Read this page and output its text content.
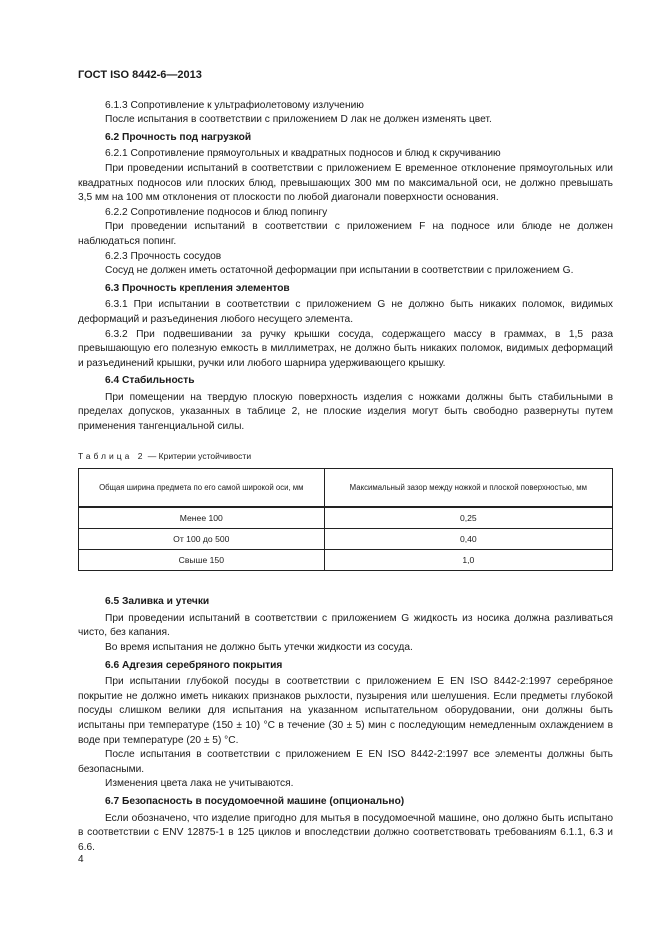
ГОСТ ISO 8442-6—2013

6.1.3 Сопротивление к ультрафиолетовому излучению

После испытания в соответствии с приложением D лак не должен изменять цвет.

6.2 Прочность под нагрузкой

6.2.1 Сопротивление прямоугольных и квадратных подносов и блюд к скручиванию

При проведении испытаний в соответствии с приложением E временное отклонение прямоугольных или квадратных подносов или плоских блюд, превышающих 300 мм по максимальной оси, не должно превышать 3,5 мм на 100 мм отклонения от плоскости по любой диагонали поверхности основания.

6.2.2 Сопротивление подносов и блюд попингу

При проведении испытаний в соответствии с приложением F на подносе или блюде не должен наблюдаться попинг.

6.2.3 Прочность сосудов

Сосуд не должен иметь остаточной деформации при испытании в соответствии с приложением G.

6.3 Прочность крепления элементов

6.3.1 При испытании в соответствии с приложением G не должно быть никаких поломок, видимых деформаций и разъединения любого несущего элемента.

6.3.2 При подвешивании за ручку крышки сосуда, содержащего массу в граммах, в 1,5 раза превышающую его полезную емкость в миллиметрах, не должно быть никаких поломок, видимых деформаций и разъединений крышки, ручки или любого шарнира удерживающего крышку.

6.4 Стабильность

При помещении на твердую плоскую поверхность изделия с ножками должны быть стабильными в пределах допусков, указанных в таблице 2, не плоские изделия могут быть свободно развернуты путем применения тангенциальной силы.

Таблица 2 — Критерии устойчивости

Общая ширина предмета по его самой широкой оси, мм	Максимальный зазор между ножкой и плоской поверхностью, мм
Менее 100	0,25
От 100 до 500	0,40
Свыше 150	1,0

6.5 Заливка и утечки

При проведении испытаний в соответствии с приложением G жидкость из носика должна разливаться чисто, без капания.

Во время испытания не должно быть утечки жидкости из сосуда.

6.6 Адгезия серебряного покрытия

При испытании глубокой посуды в соответствии с приложением E EN ISO 8442-2:1997 серебряное покрытие не должно иметь никаких признаков рыхлости, пузырения или шелушения. Если предметы глубокой посуды слишком велики для испытания на указанном испытательном оборудовании, они должны быть испытаны при температуре (150 ± 10) °C в течение (30 ± 5) мин с последующим немедленным охлаждением в воде при температуре (20 ± 5) °C.

После испытания в соответствии с приложением E EN ISO 8442-2:1997 все элементы должны быть безопасными.

Изменения цвета лака не учитываются.

6.7 Безопасность в посудомоечной машине (опционально)

Если обозначено, что изделие пригодно для мытья в посудомоечной машине, оно должно быть испытано в соответствии с ENV 12875-1 в 125 циклов и впоследствии должно соответствовать требованиям 6.1.1, 6.3 и 6.6.

4
